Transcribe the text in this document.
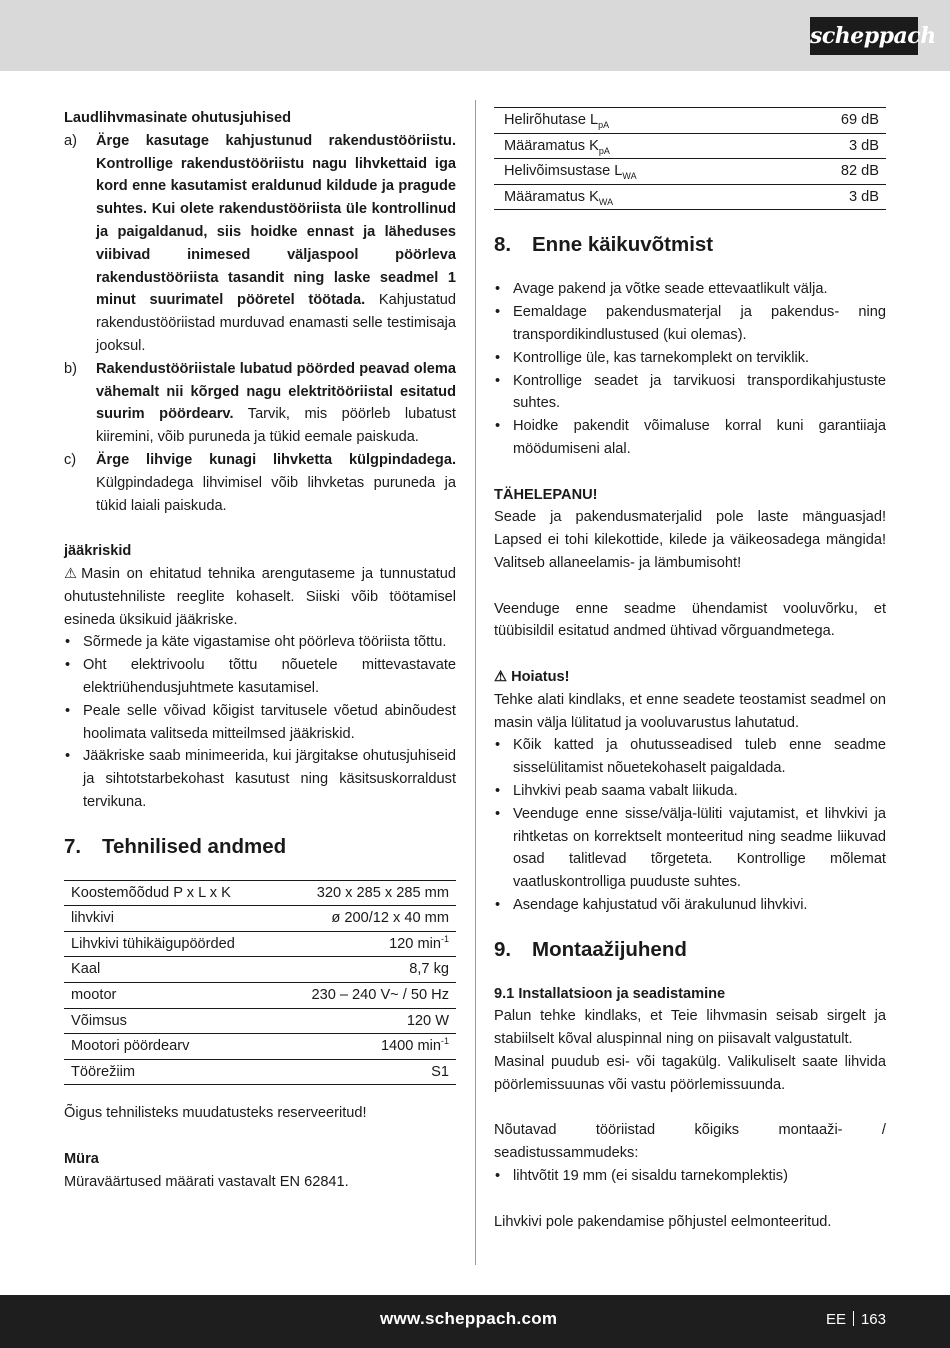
scheppach

Laudlihvmasinate ohutusjuhised

a)	Ärge kasutage kahjustunud rakendustööriistu. Kontrollige rakendustööriistu nagu lihvkettaid iga kord enne kasutamist eraldunud kildude ja pragude suhtes. Kui olete rakendustööriista üle kontrollinud ja paigaldanud, siis hoidke ennast ja läheduses viibivad inimesed väljaspool pöörleva rakendustööriista tasandit ning laske seadmel 1 minut suurimatel pööretel töötada. Kahjustatud rakendustööriistad murduvad enamasti selle testimisaja jooksul.
b)	Rakendustööriistale lubatud pöörded peavad olema vähemalt nii kõrged nagu elektritööriistal esitatud suurim pöördearv. Tarvik, mis pöörleb lubatust kiiremini, võib puruneda ja tükid eemale paiskuda.
c)	Ärge lihvige kunagi lihvketta külgpindadega. Külgpindadega lihvimisel võib lihvketas puruneda ja tükid laiali paiskuda.

jääkriskid

⚠ Masin on ehitatud tehnika arengutaseme ja tunnustatud ohutustehniliste reeglite kohaselt. Siiski võib töötamisel esineda üksikuid jääkriske.

• Sõrmede ja käte vigastamise oht pöörleva tööriista tõttu.
• Oht elektrivoolu tõttu nõuetele mittevastavate elektriühendusjuhtmete kasutamisel.
• Peale selle võivad kõigist tarvitusele võetud abinõudest hoolimata valitseda mitteilmsed jääkriskid.
• Jääkriske saab minimeerida, kui järgitakse ohutusjuhiseid ja sihtotstarbekohast kasutust ning käsitsuskorraldust tervikuna.
7.	Tehnilised andmed
Koostemõõdud P x L x K	320 x 285 x 285 mm
lihvkivi	ø 200/12 x 40 mm
Lihvkivi tühikäigupöörded	120 $\min^{-1}$
Kaal	8,7 kg
mootor	230 – 240 V~ / 50 Hz
Võimsus	120 W
Mootori pöördearv	1400 $\min^{-1}$
Töörežiim	S1

Õigus tehnilisteks muudatusteks reserveeritud!

Müra

Müraväärtused määrati vastavalt EN 62841.

Helirõhutase $L_{pA}$	69 dB
Määramatus $K_{pA}$	3 dB
Helivõimsustase $L_{WA}$	82 dB
Määramatus $K_{WA}$	3 dB
8.	Enne käikuvõtmist
• Avage pakend ja võtke seade ettevaatlikult välja.
• Eemaldage pakendusmaterjal ja pakendus- ning transpordikindlustused (kui olemas).
• Kontrollige üle, kas tarnekomplekt on terviklik.
• Kontrollige seadet ja tarvikuosi transpordikahjustuste suhtes.
• Hoidke pakendit võimaluse korral kuni garantiiaja möödumiseni alal.

TÄHELEPANU!

Seade ja pakendusmaterjalid pole laste mänguasjad! Lapsed ei tohi kilekottide, kilede ja väikeosadega mängida! Valitseb allaneelamis- ja lämbumisoht!

Veenduge enne seadme ühendamist vooluvõrku, et tüübisildil esitatud andmed ühtivad võrguandmetega.

⚠ Hoiatus!

Tehke alati kindlaks, et enne seadete teostamist seadmel on masin välja lülitatud ja vooluvarustus lahutatud.

• Kõik katted ja ohutusseadised tuleb enne seadme sisselülitamist nõuetekohaselt paigaldada.
• Lihvkivi peab saama vabalt liikuda.
• Veenduge enne sisse/välja-lüliti vajutamist, et lihvkivi ja rihtketas on korrektselt monteeritud ning seadme liikuvad osad talitlevad tõrgeteta. Kontrollige mõlemat vaatluskontrolliga puuduste suhtes.
• Asendage kahjustatud või ärakulunud lihvkivi.
9.	Montaažijuhend

9.1 Installatsioon ja seadistamine

Palun tehke kindlaks, et Teie lihvmasin seisab sirgelt ja stabiilselt kõval aluspinnal ning on piisavalt valgustatult.

Masinal puudub esi- või tagakülg. Valikuliselt saate lihvida pöörlemissuunas või vastu pöörlemissuunda.

Nõutavad tööriistad kõigiks montaaži- / seadistussammudeks:

• lihtvõtit 19 mm (ei sisaldu tarnekomplektis)

Lihvkivi pole pakendamise põhjustel eelmonteeritud.

www.scheppach.com	EE 163
